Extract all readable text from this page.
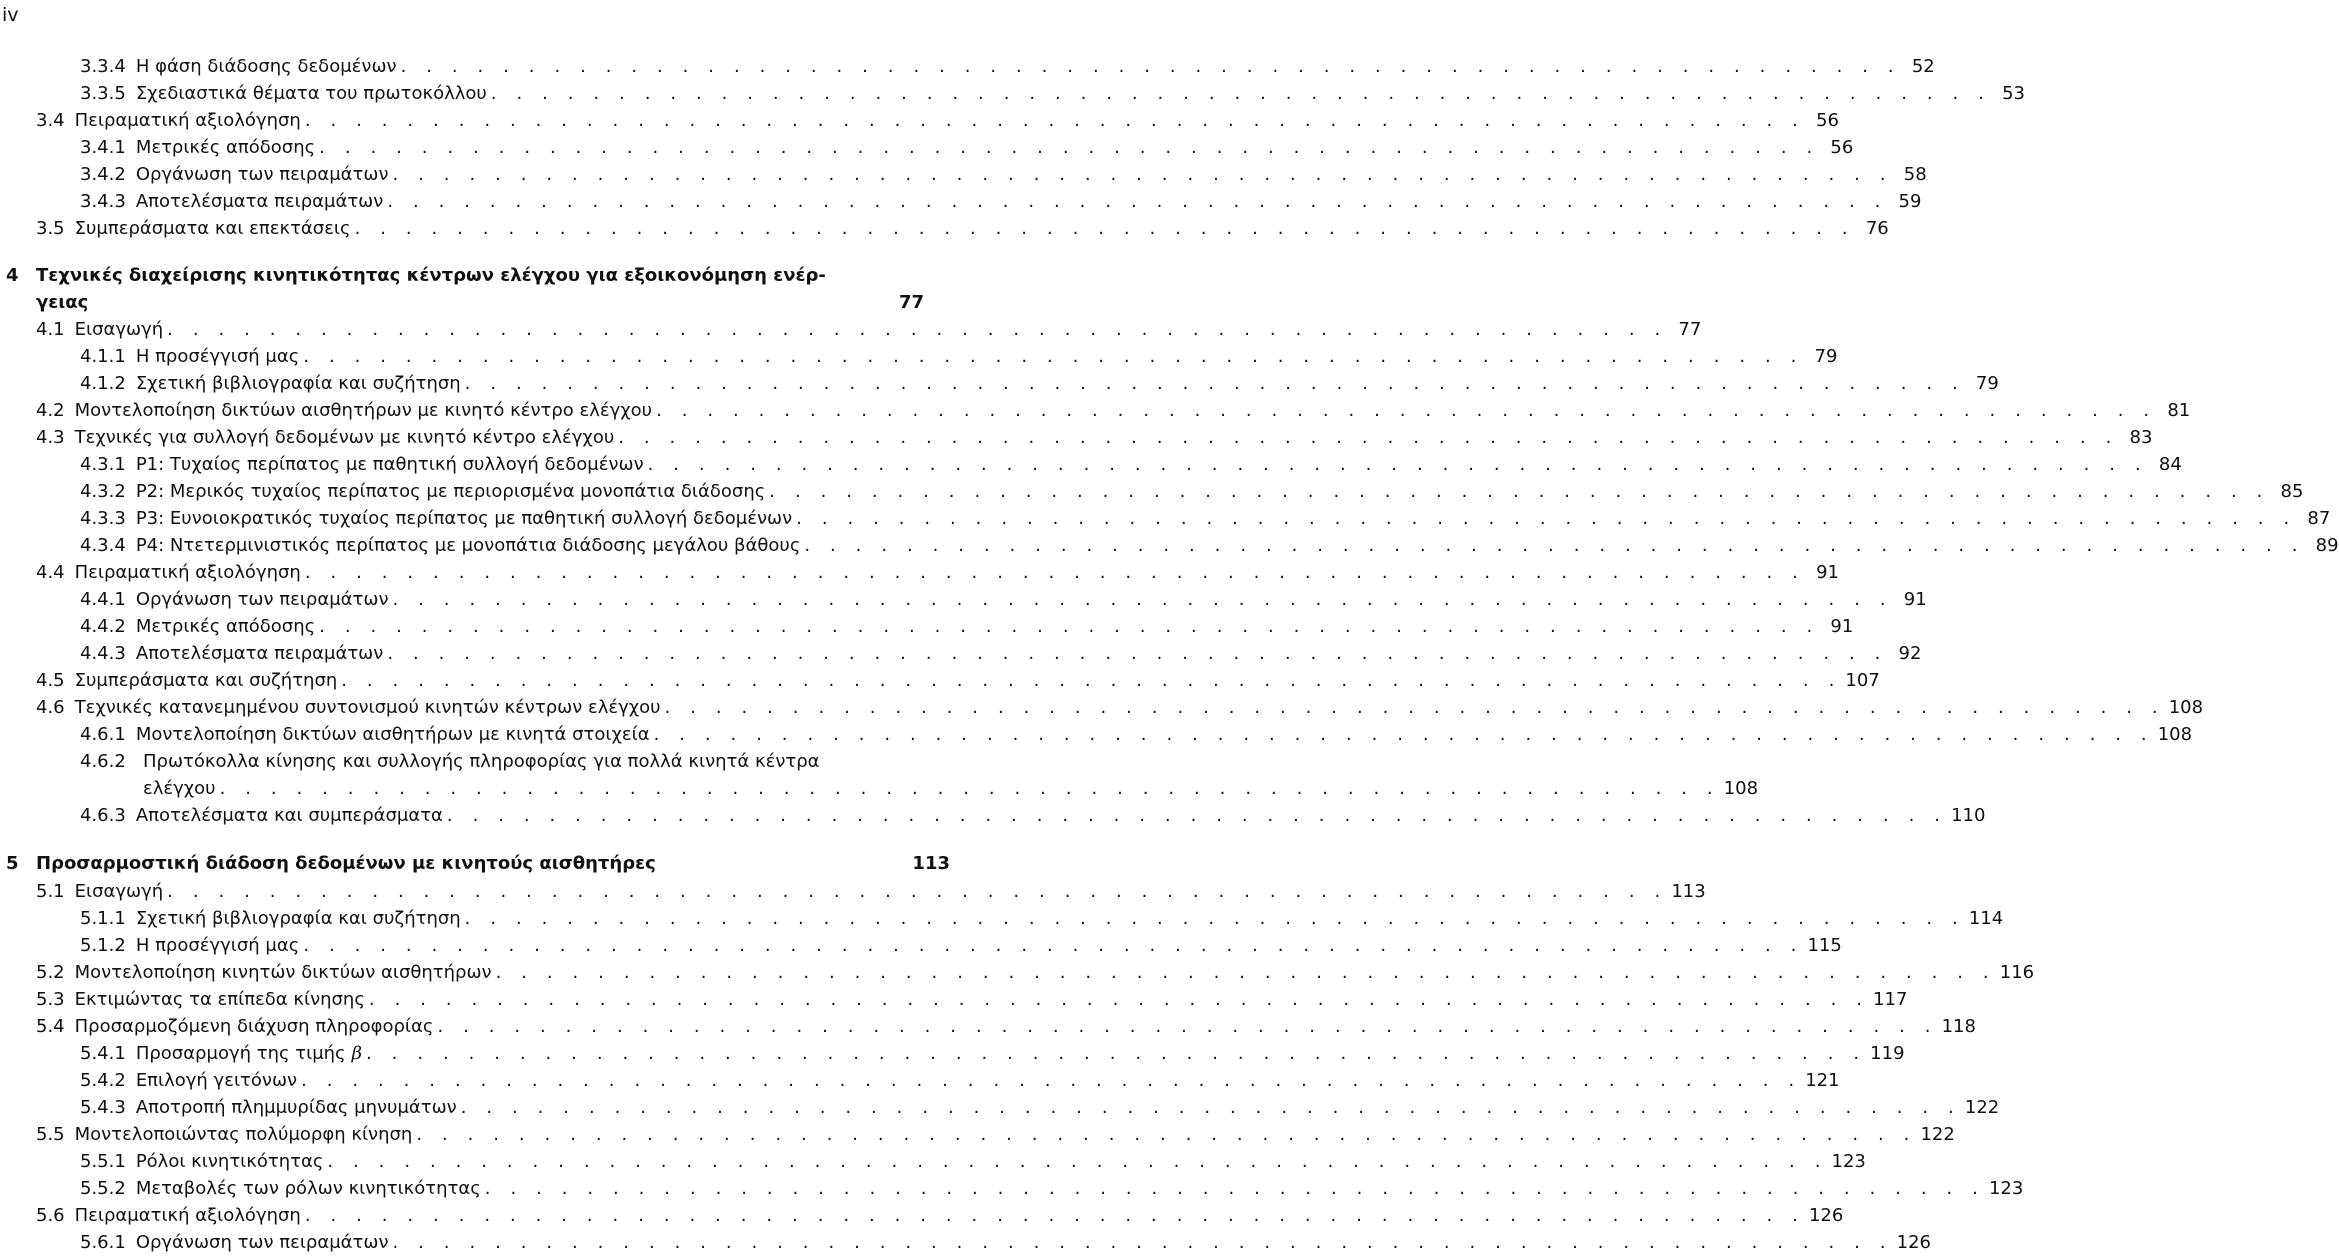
iv
3.3.4 Η φάση διάδοσης δεδομένων . . . . . . . . . . . . . . . . . . . . . . . . . . . . . . . . . . . . . . . . . . . . . . . . . . . . . . . . . . . 52
3.3.5 Σχεδιαστικά θέματα του πρωτοκόλλου . . . . . . . . . . . . . . . . . . . . . . . . . . . . . . . . . . . . . . . . . . . . . . . . . . . . . . . . . . . 53
3.4 Πειραματική αξιολόγηση . . . . . . . . . . . . . . . . . . . . . . . . . . . . . . . . . . . . . . . . . . . . . . . . . . . . . . . . . . . 56
3.4.1 Μετρικές απόδοσης . . . . . . . . . . . . . . . . . . . . . . . . . . . . . . . . . . . . . . . . . . . . . . . . . . . . . . . . . . . 56
3.4.2 Οργάνωση των πειραμάτων . . . . . . . . . . . . . . . . . . . . . . . . . . . . . . . . . . . . . . . . . . . . . . . . . . . . . . . . . . . 58
3.4.3 Αποτελέσματα πειραμάτων . . . . . . . . . . . . . . . . . . . . . . . . . . . . . . . . . . . . . . . . . . . . . . . . . . . . . . . . . . . 59
3.5 Συμπεράσματα και επεκτάσεις . . . . . . . . . . . . . . . . . . . . . . . . . . . . . . . . . . . . . . . . . . . . . . . . . . . . . . . . . . . 76
4 Τεχνικές διαχείρισης κινητικότητας κέντρων ελέγχου για εξοικονόμηση ενέρ-
γειας	77
4.1 Εισαγωγή . . . . . . . . . . . . . . . . . . . . . . . . . . . . . . . . . . . . . . . . . . . . . . . . . . . . . . . . . . . 77
4.1.1 Η προσέγγισή μας . . . . . . . . . . . . . . . . . . . . . . . . . . . . . . . . . . . . . . . . . . . . . . . . . . . . . . . . . . . 79
4.1.2 Σχετική βιβλιογραφία και συζήτηση . . . . . . . . . . . . . . . . . . . . . . . . . . . . . . . . . . . . . . . . . . . . . . . . . . . . . . . . . . . 79
4.2 Μοντελοποίηση δικτύων αισθητήρων με κινητό κέντρο ελέγχου . . . . . . . . . . . . . . . . . . . . . . . . . . . . . . . . . . . . . . . . . . . . . . . . . . . . . . . . . . . 81
4.3 Τεχνικές για συλλογή δεδομένων με κινητό κέντρο ελέγχου . . . . . . . . . . . . . . . . . . . . . . . . . . . . . . . . . . . . . . . . . . . . . . . . . . . . . . . . . . . 83
4.3.1 P1: Τυχαίος περίπατος με παθητική συλλογή δεδομένων . . . . . . . . . . . . . . . . . . . . . . . . . . . . . . . . . . . . . . . . . . . . . . . . . . . . . . . . . . . 84
4.3.2 P2: Μερικός τυχαίος περίπατος με περιορισμένα μονοπάτια διάδοσης . . . . . . . . . . . . . . . . . . . . . . . . . . . . . . . . . . . . . . . . . . . . . . . . . . . . . . . . . . . 85
4.3.3 P3: Ευνοιοκρατικός τυχαίος περίπατος με παθητική συλλογή δεδομένων . . . . . . . . . . . . . . . . . . . . . . . . . . . . . . . . . . . . . . . . . . . . . . . . . . . . . . . . . . . 87
4.3.4 P4: Ντετερμινιστικός περίπατος με μονοπάτια διάδοσης μεγάλου βάθους . . . . . . . . . . . . . . . . . . . . . . . . . . . . . . . . . . . . . . . . . . . . . . . . . . . . . . . . . . . 89
4.4 Πειραματική αξιολόγηση . . . . . . . . . . . . . . . . . . . . . . . . . . . . . . . . . . . . . . . . . . . . . . . . . . . . . . . . . . . 91
4.4.1 Οργάνωση των πειραμάτων . . . . . . . . . . . . . . . . . . . . . . . . . . . . . . . . . . . . . . . . . . . . . . . . . . . . . . . . . . . 91
4.4.2 Μετρικές απόδοσης . . . . . . . . . . . . . . . . . . . . . . . . . . . . . . . . . . . . . . . . . . . . . . . . . . . . . . . . . . . 91
4.4.3 Αποτελέσματα πειραμάτων . . . . . . . . . . . . . . . . . . . . . . . . . . . . . . . . . . . . . . . . . . . . . . . . . . . . . . . . . . . 92
4.5 Συμπεράσματα και συζήτηση . . . . . . . . . . . . . . . . . . . . . . . . . . . . . . . . . . . . . . . . . . . . . . . . . . . . . . . . . . . 107
4.6 Τεχνικές κατανεμημένου συντονισμού κινητών κέντρων ελέγχου . . . . . . . . . . . . . . . . . . . . . . . . . . . . . . . . . . . . . . . . . . . . . . . . . . . . . . . . . . . 108
4.6.1 Μοντελοποίηση δικτύων αισθητήρων με κινητά στοιχεία . . . . . . . . . . . . . . . . . . . . . . . . . . . . . . . . . . . . . . . . . . . . . . . . . . . . . . . . . . . 108
4.6.2 Πρωτόκολλα κίνησης και συλλογής πληροφορίας για πολλά κινητά κέντρα
ελέγχου . . . . . . . . . . . . . . . . . . . . . . . . . . . . . . . . . . . . . . . . . . . . . . . . . . . . . . . . . . . 108
4.6.3 Αποτελέσματα και συμπεράσματα . . . . . . . . . . . . . . . . . . . . . . . . . . . . . . . . . . . . . . . . . . . . . . . . . . . . . . . . . . . 110
5 Προσαρμοστική διάδοση δεδομένων με κινητούς αισθητήρες	113
5.1 Εισαγωγή . . . . . . . . . . . . . . . . . . . . . . . . . . . . . . . . . . . . . . . . . . . . . . . . . . . . . . . . . . . 113
5.1.1 Σχετική βιβλιογραφία και συζήτηση . . . . . . . . . . . . . . . . . . . . . . . . . . . . . . . . . . . . . . . . . . . . . . . . . . . . . . . . . . . 114
5.1.2 Η προσέγγισή μας . . . . . . . . . . . . . . . . . . . . . . . . . . . . . . . . . . . . . . . . . . . . . . . . . . . . . . . . . . . 115
5.2 Μοντελοποίηση κινητών δικτύων αισθητήρων . . . . . . . . . . . . . . . . . . . . . . . . . . . . . . . . . . . . . . . . . . . . . . . . . . . . . . . . . . . 116
5.3 Εκτιμώντας τα επίπεδα κίνησης . . . . . . . . . . . . . . . . . . . . . . . . . . . . . . . . . . . . . . . . . . . . . . . . . . . . . . . . . . . 117
5.4 Προσαρμοζόμενη διάχυση πληροφορίας . . . . . . . . . . . . . . . . . . . . . . . . . . . . . . . . . . . . . . . . . . . . . . . . . . . . . . . . . . . 118
5.4.1 Προσαρμογή της τιμής β . . . . . . . . . . . . . . . . . . . . . . . . . . . . . . . . . . . . . . . . . . . . . . . . . . . . . . . . . . . 119
5.4.2 Επιλογή γειτόνων . . . . . . . . . . . . . . . . . . . . . . . . . . . . . . . . . . . . . . . . . . . . . . . . . . . . . . . . . . . 121
5.4.3 Αποτροπή πλημμυρίδας μηνυμάτων . . . . . . . . . . . . . . . . . . . . . . . . . . . . . . . . . . . . . . . . . . . . . . . . . . . . . . . . . . . 122
5.5 Μοντελοποιώντας πολύμορφη κίνηση . . . . . . . . . . . . . . . . . . . . . . . . . . . . . . . . . . . . . . . . . . . . . . . . . . . . . . . . . . . 122
5.5.1 Ρόλοι κινητικότητας . . . . . . . . . . . . . . . . . . . . . . . . . . . . . . . . . . . . . . . . . . . . . . . . . . . . . . . . . . . 123
5.5.2 Μεταβολές των ρόλων κινητικότητας . . . . . . . . . . . . . . . . . . . . . . . . . . . . . . . . . . . . . . . . . . . . . . . . . . . . . . . . . . . 123
5.6 Πειραματική αξιολόγηση . . . . . . . . . . . . . . . . . . . . . . . . . . . . . . . . . . . . . . . . . . . . . . . . . . . . . . . . . . . 126
5.6.1 Οργάνωση των πειραμάτων . . . . . . . . . . . . . . . . . . . . . . . . . . . . . . . . . . . . . . . . . . . . . . . . . . . . . . . . . . . 126
